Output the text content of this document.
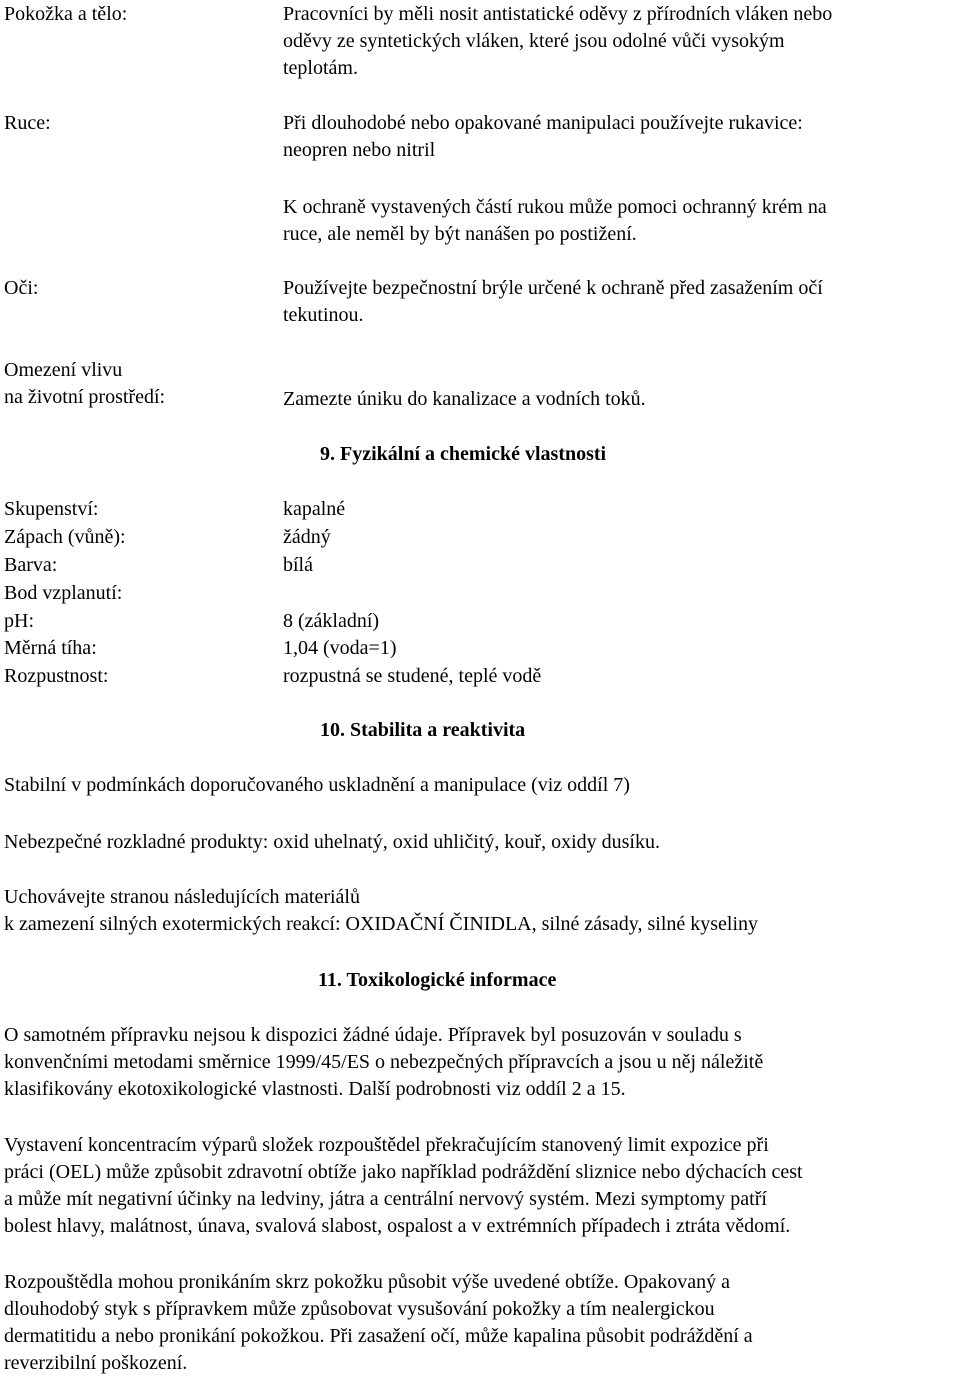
Pokožka a tělo:	Pracovníci by měli nosit antistatické oděvy z přírodních vláken nebo
oděvy ze syntetických vláken, které jsou odolné vůči vysokým
teplotám.
Ruce:	Při dlouhodobé nebo opakované manipulaci používejte rukavice:
neopren nebo nitril
K ochraně vystavených částí rukou může pomoci ochranný krém na
ruce, ale neměl by být nanášen po postižení.
Oči:	Používejte bezpečnostní brýle určené k ochraně před zasažením očí
tekutinou.
Omezení vlivu
na životní prostředí:	Zamezte úniku do kanalizace a vodních toků.
9. Fyzikální a chemické vlastnosti
Skupenství:	kapalné
Zápach (vůně):	žádný
Barva:	bílá
Bod vzplanutí:
pH:	8 (základní)
Měrná tíha:	1,04 (voda=1)
Rozpustnost:	rozpustná se studené, teplé vodě
10. Stabilita a reaktivita
Stabilní v podmínkách doporučovaného uskladnění a manipulace (viz oddíl 7)
Nebezpečné rozkladné produkty: oxid uhelnatý, oxid uhličitý, kouř, oxidy dusíku.
Uchovávejte stranou následujících materiálů
k zamezení silných exotermických reakcí: OXIDAČNÍ ČINIDLA, silné zásady, silné kyseliny
11. Toxikologické informace
O samotném přípravku nejsou k dispozici žádné údaje. Přípravek byl posuzován v souladu s
konvenčními metodami směrnice 1999/45/ES o nebezpečných přípravcích a jsou u něj náležitě
klasifikovány ekotoxikologické vlastnosti. Další podrobnosti viz oddíl 2 a 15.
Vystavení koncentracím výparů složek rozpouštědel překračujícím stanovený limit expozice při
práci (OEL) může způsobit zdravotní obtíže jako například podráždění sliznice nebo dýchacích cest
a může mít negativní účinky na ledviny, játra a centrální nervový systém. Mezi symptomy patří
bolest hlavy, malátnost, únava, svalová slabost, ospalost a v extrémních případech i ztráta vědomí.
Rozpouštědla mohou pronikáním skrz pokožku působit výše uvedené obtíže. Opakovaný a
dlouhodobý styk s přípravkem může způsobovat vysušování pokožky a tím nealergickou
dermatitidu a nebo pronikání pokožkou. Při zasažení očí, může kapalina působit podráždění a
reverzibilní poškození.
